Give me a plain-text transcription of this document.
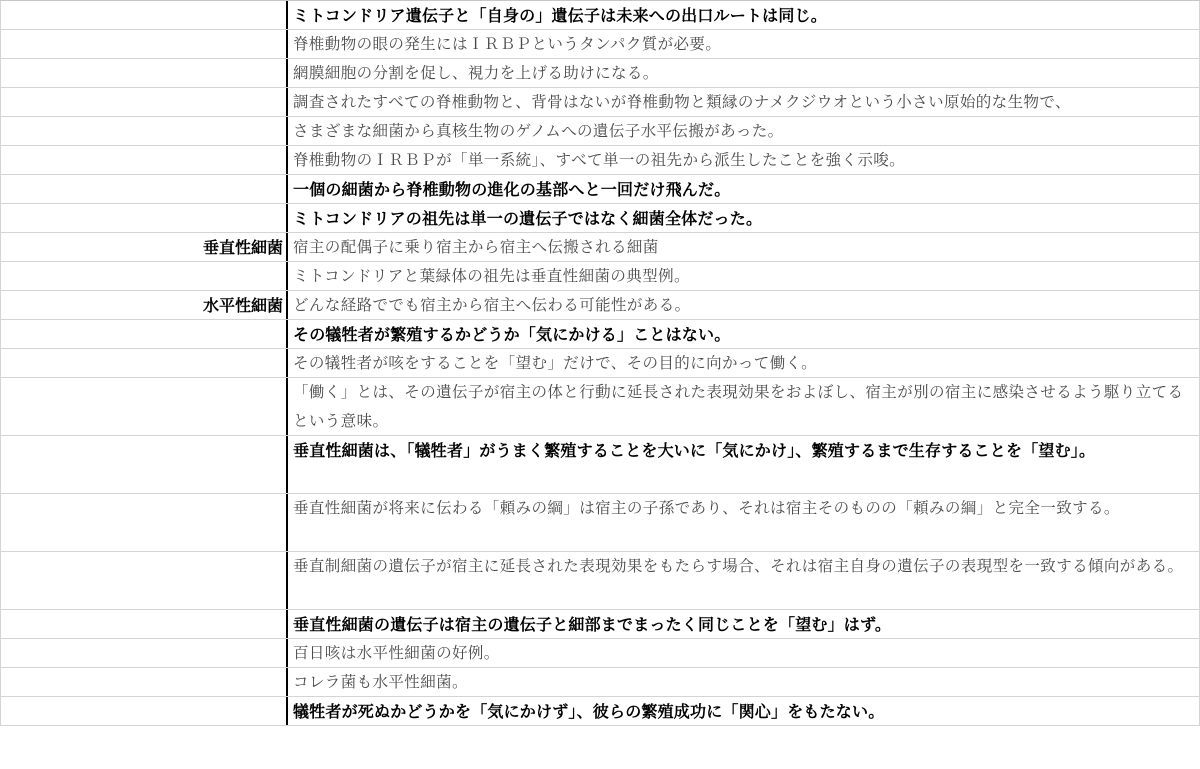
ミトコンドリア遺伝子と「自身の」遺伝子は未来への出口ルートは同じ。
脊椎動物の眼の発生にはＩＲＢＰというタンパク質が必要。
網膜細胞の分割を促し、視力を上げる助けになる。
調査されたすべての脊椎動物と、背骨はないが脊椎動物と類縁のナメクジウオという小さい原始的な生物で、
さまざまな細菌から真核生物のゲノムへの遺伝子水平伝搬があった。
脊椎動物のＩＲＢＰが「単一系統」、すべて単一の祖先から派生したことを強く示唆。
一個の細菌から脊椎動物の進化の基部へと一回だけ飛んだ。
ミトコンドリアの祖先は単一の遺伝子ではなく細菌全体だった。
垂直性細菌 宿主の配偶子に乗り宿主から宿主へ伝搬される細菌
ミトコンドリアと葉緑体の祖先は垂直性細菌の典型例。
水平性細菌 どんな経路ででも宿主から宿主へ伝わる可能性がある。
その犠牲者が繁殖するかどうか「気にかける」ことはない。
その犠牲者が咳をすることを「望む」だけで、その目的に向かって働く。
「働く」とは、その遺伝子が宿主の体と行動に延長された表現効果をおよぼし、宿主が別の宿主に感染させるよう駆り立てるという意味。
垂直性細菌は、「犠牲者」がうまく繁殖することを大いに「気にかけ」、繁殖するまで生存することを「望む」。
垂直性細菌が将来に伝わる「頼みの綱」は宿主の子孫であり、それは宿主そのものの「頼みの綱」と完全一致する。
垂直制細菌の遺伝子が宿主に延長された表現効果をもたらす場合、それは宿主自身の遺伝子の表現型を一致する傾向がある。
垂直性細菌の遺伝子は宿主の遺伝子と細部までまったく同じことを「望む」はず。
百日咳は水平性細菌の好例。
コレラ菌も水平性細菌。
犠牲者が死ぬかどうかを「気にかけず」、彼らの繁殖成功に「関心」をもたない。
